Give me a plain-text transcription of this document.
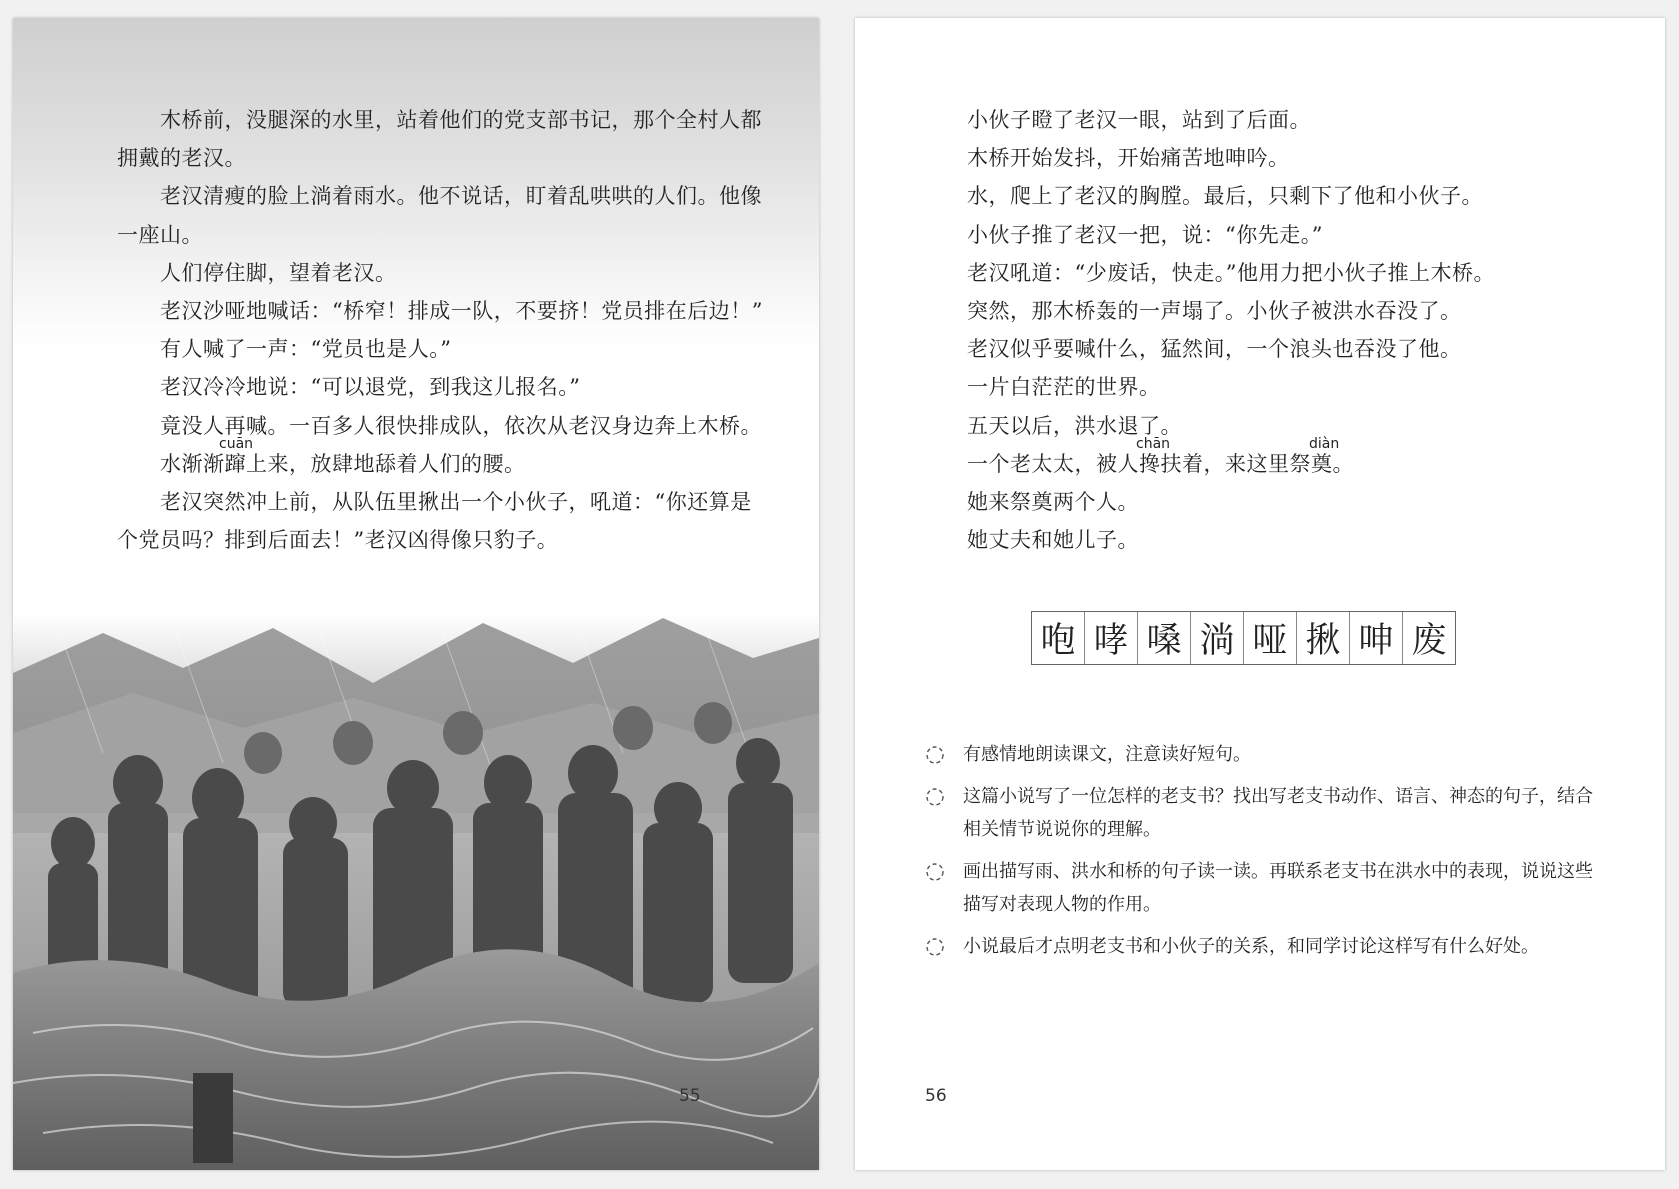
木桥前，没腿深的水里，站着他们的党支部书记，那个全村人都拥戴的老汉。

老汉清瘦的脸上淌着雨水。他不说话，盯着乱哄哄的人们。他像一座山。

人们停住脚，望着老汉。

老汉沙哑地喊话：“桥窄！排成一队，不要挤！党员排在后边！”

有人喊了一声：“党员也是人。”

老汉冷冷地说：“可以退党，到我这儿报名。”

竟没人再喊。一百多人很快排成队，依次从老汉身边奔上木桥。

水渐渐蹿上来，放肆地舔着人们的腰。

老汉突然冲上前，从队伍里揪出一个小伙子，吼道：“你还算是个党员吗？排到后面去！”老汉凶得像只豹子。

cuān
55

小伙子瞪了老汉一眼，站到了后面。

木桥开始发抖，开始痛苦地呻吟。

水，爬上了老汉的胸膛。最后，只剩下了他和小伙子。

小伙子推了老汉一把，说：“你先走。”

老汉吼道：“少废话，快走。”他用力把小伙子推上木桥。

突然，那木桥轰的一声塌了。小伙子被洪水吞没了。

老汉似乎要喊什么，猛然间，一个浪头也吞没了他。

一片白茫茫的世界。

五天以后，洪水退了。

一个老太太，被人搀扶着，来这里祭奠。

她来祭奠两个人。

她丈夫和她儿子。

chān	diàn
咆 哮 嗓 淌 哑 揪 呻 废
有感情地朗读课文，注意读好短句。
这篇小说写了一位怎样的老支书？找出写老支书动作、语言、神态的句子，结合相关情节说说你的理解。
画出描写雨、洪水和桥的句子读一读。再联系老支书在洪水中的表现，说说这些描写对表现人物的作用。
小说最后才点明老支书和小伙子的关系，和同学讨论这样写有什么好处。
56
